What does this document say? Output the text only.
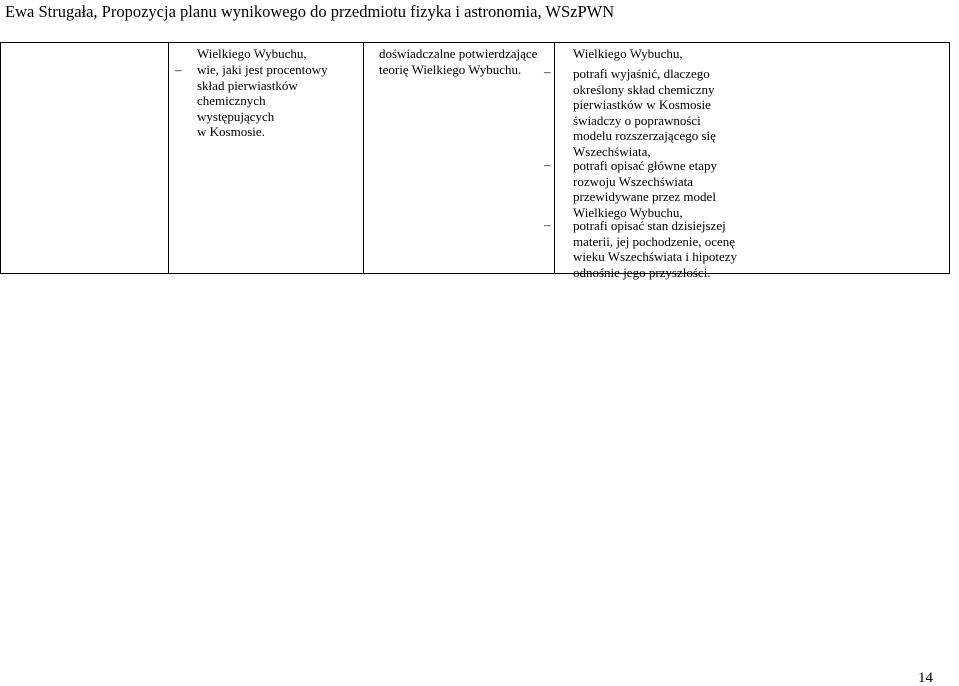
Ewa Strugała, Propozycja planu wynikowego do przedmiotu fizyka i astronomia, WSzPWN
Wielkiego Wybuchu,
– wie, jaki jest procentowy
skład pierwiastków
chemicznych
występujących
w Kosmosie.
doświadczalne potwierdzające
teorię Wielkiego Wybuchu.
Wielkiego Wybuchu,
– potrafi wyjaśnić, dlaczego
określony skład chemiczny
pierwiastków w Kosmosie
świadczy o poprawności
modelu rozszerzającego się
Wszechświata,
– potrafi opisać główne etapy
rozwoju Wszechświata
przewidywane przez model
Wielkiego Wybuchu,
– potrafi opisać stan dzisiejszej
materii, jej pochodzenie, ocenę
wieku Wszechświata i hipotezy
odnośnie jego przyszłości.
14
